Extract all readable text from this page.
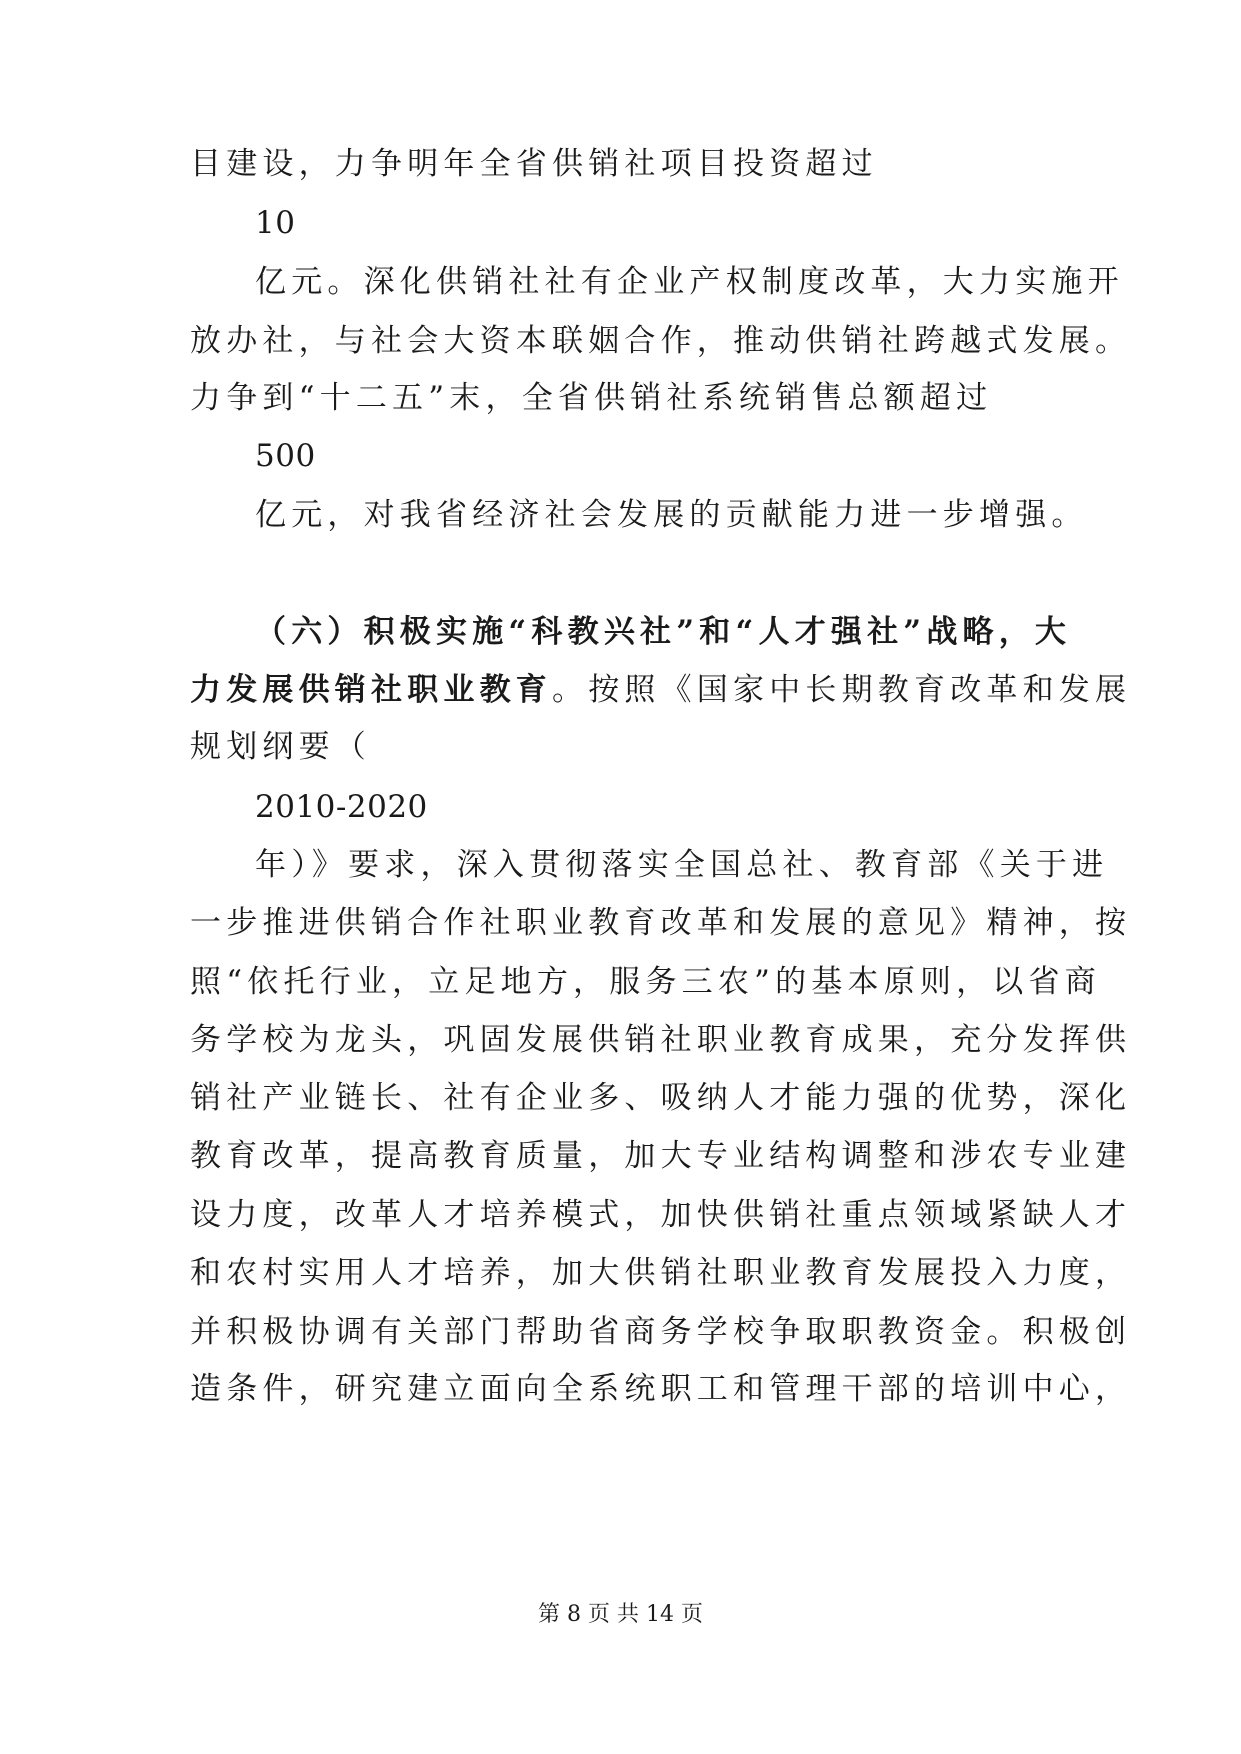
目建设，力争明年全省供销社项目投资超过
10
亿元。深化供销社社有企业产权制度改革，大力实施开
放办社，与社会大资本联姻合作，推动供销社跨越式发展。
力争到“十二五”末，全省供销社系统销售总额超过
500
亿元，对我省经济社会发展的贡献能力进一步增强。
（六）积极实施“科教兴社”和“人才强社”战略，大
力发展供销社职业教育。按照《国家中长期教育改革和发展
规划纲要（
2010-2020
年）》要求，深入贯彻落实全国总社、教育部《关于进
一步推进供销合作社职业教育改革和发展的意见》精神，按
照“依托行业，立足地方，服务三农”的基本原则，以省商
务学校为龙头，巩固发展供销社职业教育成果，充分发挥供
销社产业链长、社有企业多、吸纳人才能力强的优势，深化
教育改革，提高教育质量，加大专业结构调整和涉农专业建
设力度，改革人才培养模式，加快供销社重点领域紧缺人才
和农村实用人才培养，加大供销社职业教育发展投入力度，
并积极协调有关部门帮助省商务学校争取职教资金。积极创
造条件，研究建立面向全系统职工和管理干部的培训中心，
第 8 页 共 14 页
